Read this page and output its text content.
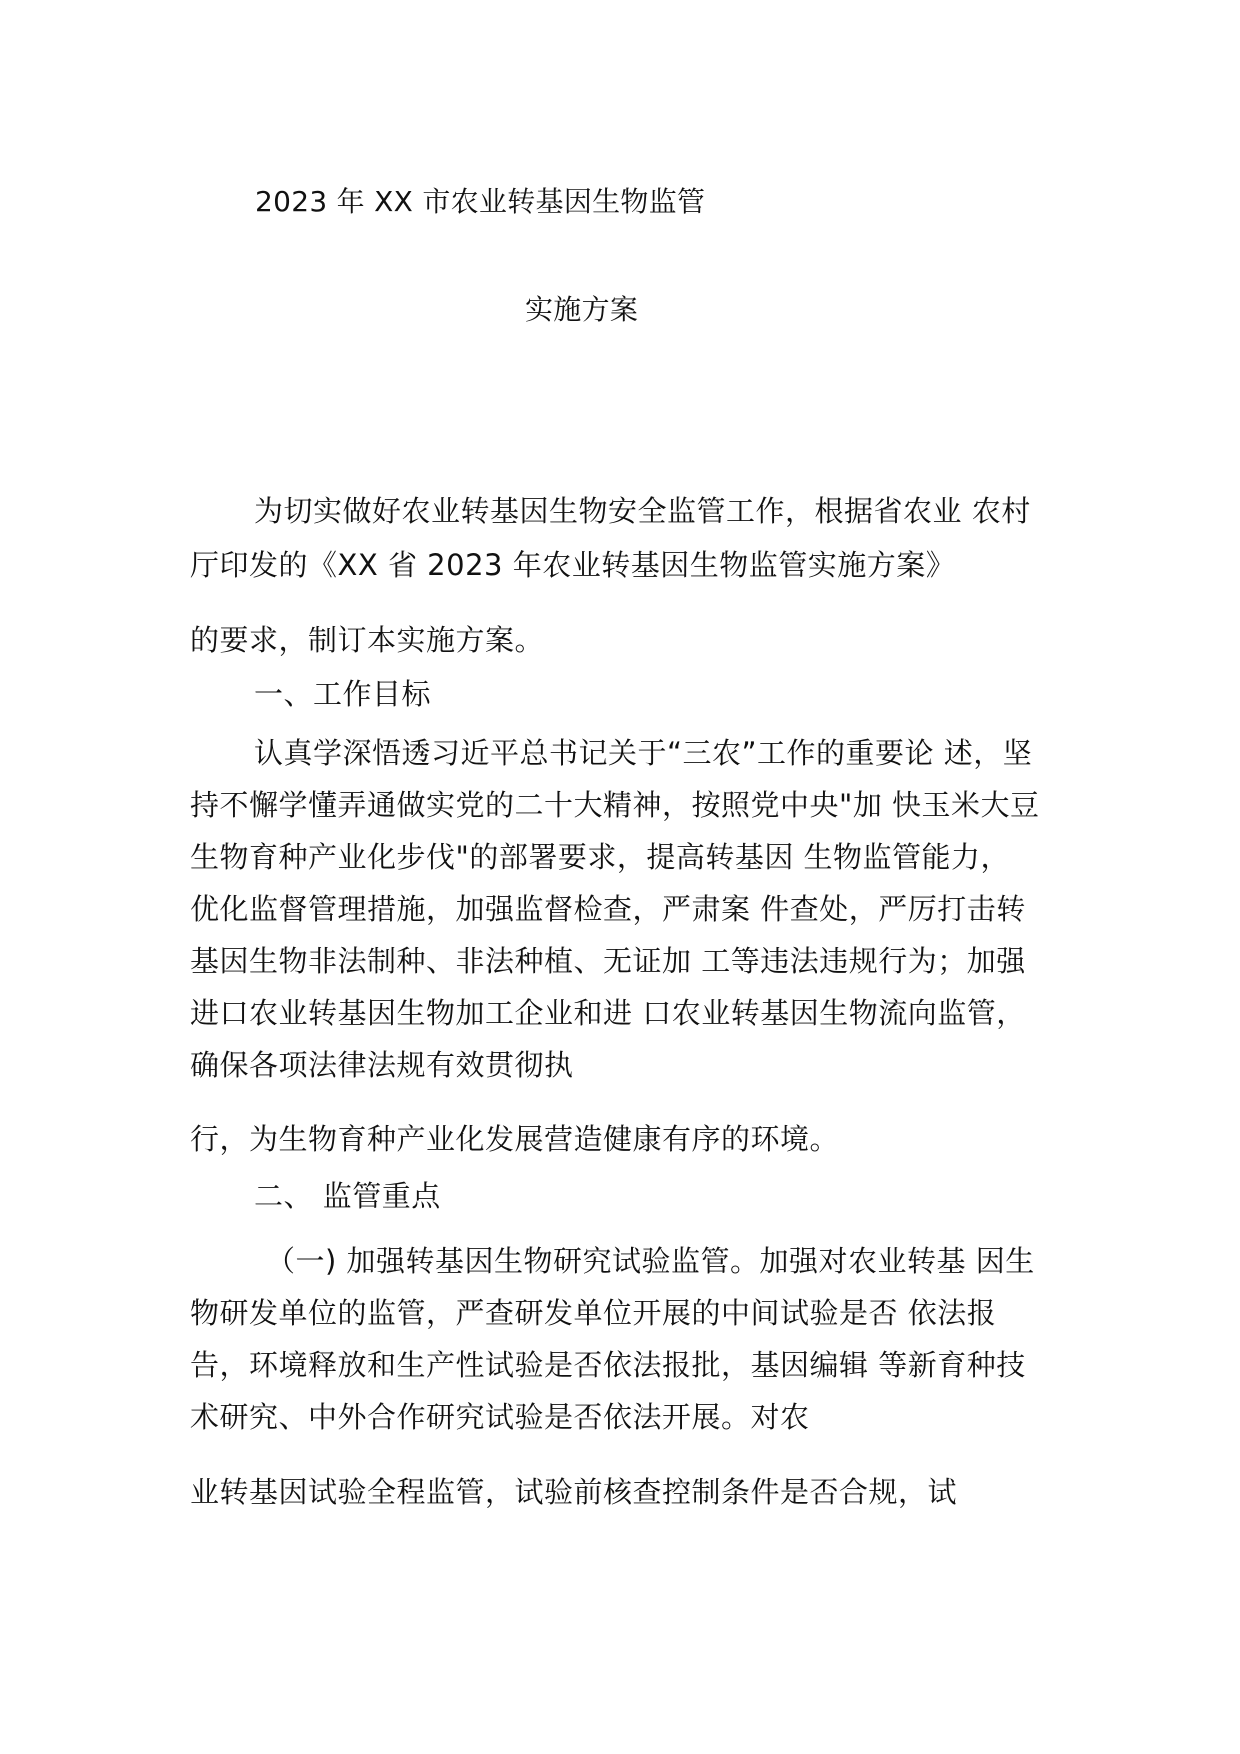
2023 年 XX 市农业转基因生物监管
实施方案
为切实做好农业转基因生物安全监管工作，根据省农业 农村
厅印发的《XX 省 2023 年农业转基因生物监管实施方案》
的要求，制订本实施方案。
一、工作目标
认真学深悟透习近平总书记关于“三农”工作的重要论 述，坚
持不懈学懂弄通做实党的二十大精神，按照党中央"加 快玉米大豆
生物育种产业化步伐"的部署要求，提高转基因 生物监管能力，
优化监督管理措施，加强监督检查，严肃案 件查处，严厉打击转
基因生物非法制种、非法种植、无证加 工等违法违规行为；加强
进口农业转基因生物加工企业和进 口农业转基因生物流向监管，
确保各项法律法规有效贯彻执
行，为生物育种产业化发展营造健康有序的环境。
二、 监管重点
（一) 加强转基因生物研究试验监管。加强对农业转基 因生
物研发单位的监管，严查研发单位开展的中间试验是否 依法报
告，环境释放和生产性试验是否依法报批，基因编辑 等新育种技
术研究、中外合作研究试验是否依法开展。对农
业转基因试验全程监管，试验前核查控制条件是否合规，试
